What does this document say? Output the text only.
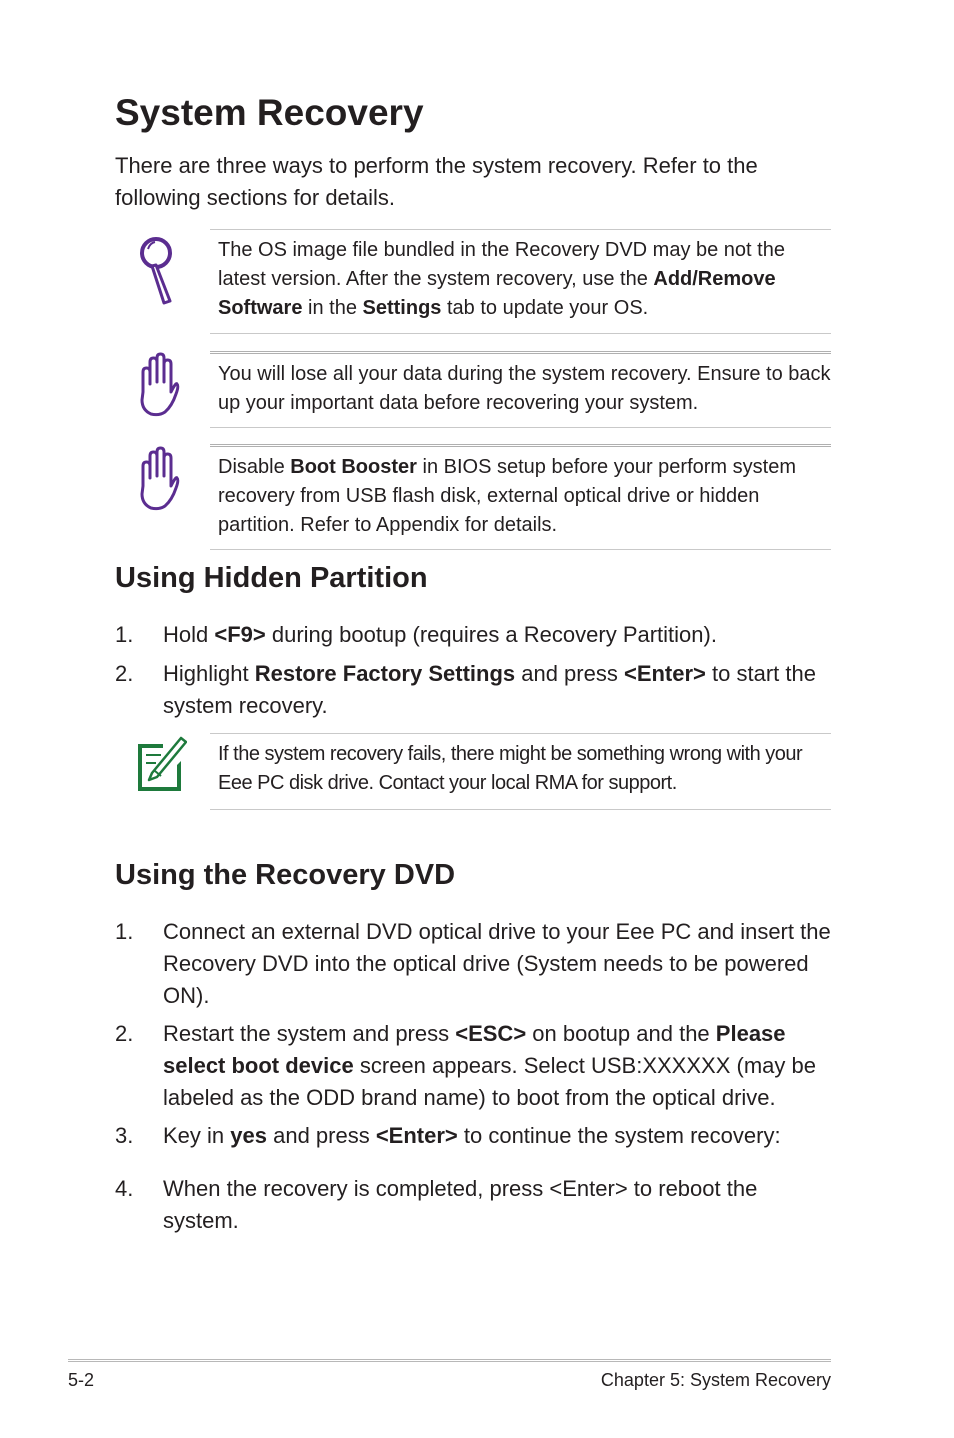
System Recovery

There are three ways to perform the system recovery. Refer to the following sections for details.

The OS image file bundled in the Recovery DVD may be not the latest version. After the system recovery, use the Add/Remove Software in the Settings tab to update your OS.
You will lose all your data during the system recovery. Ensure to back up your important data before recovering your system.
Disable Boot Booster in BIOS setup before your perform system recovery from USB flash disk, external optical drive or hidden partition. Refer to Appendix for details.
Using Hidden Partition
1. Hold <F9> during bootup (requires a Recovery Partition).
2. Highlight Restore Factory Settings and press <Enter> to start the system recovery.
If the system recovery fails, there might be something wrong with your Eee PC disk drive. Contact your local RMA for support.
Using the Recovery DVD
1. Connect an external DVD optical drive to your Eee PC and insert the Recovery DVD into the optical drive (System needs to be powered ON).
2. Restart the system and press <ESC> on bootup and the Please select boot device screen appears. Select USB:XXXXXX (may be labeled as the ODD brand name) to boot from the optical drive.
3. Key in yes and press <Enter> to continue the system recovery:
4. When the recovery is completed, press <Enter> to reboot the system.
5-2	Chapter 5: System Recovery
